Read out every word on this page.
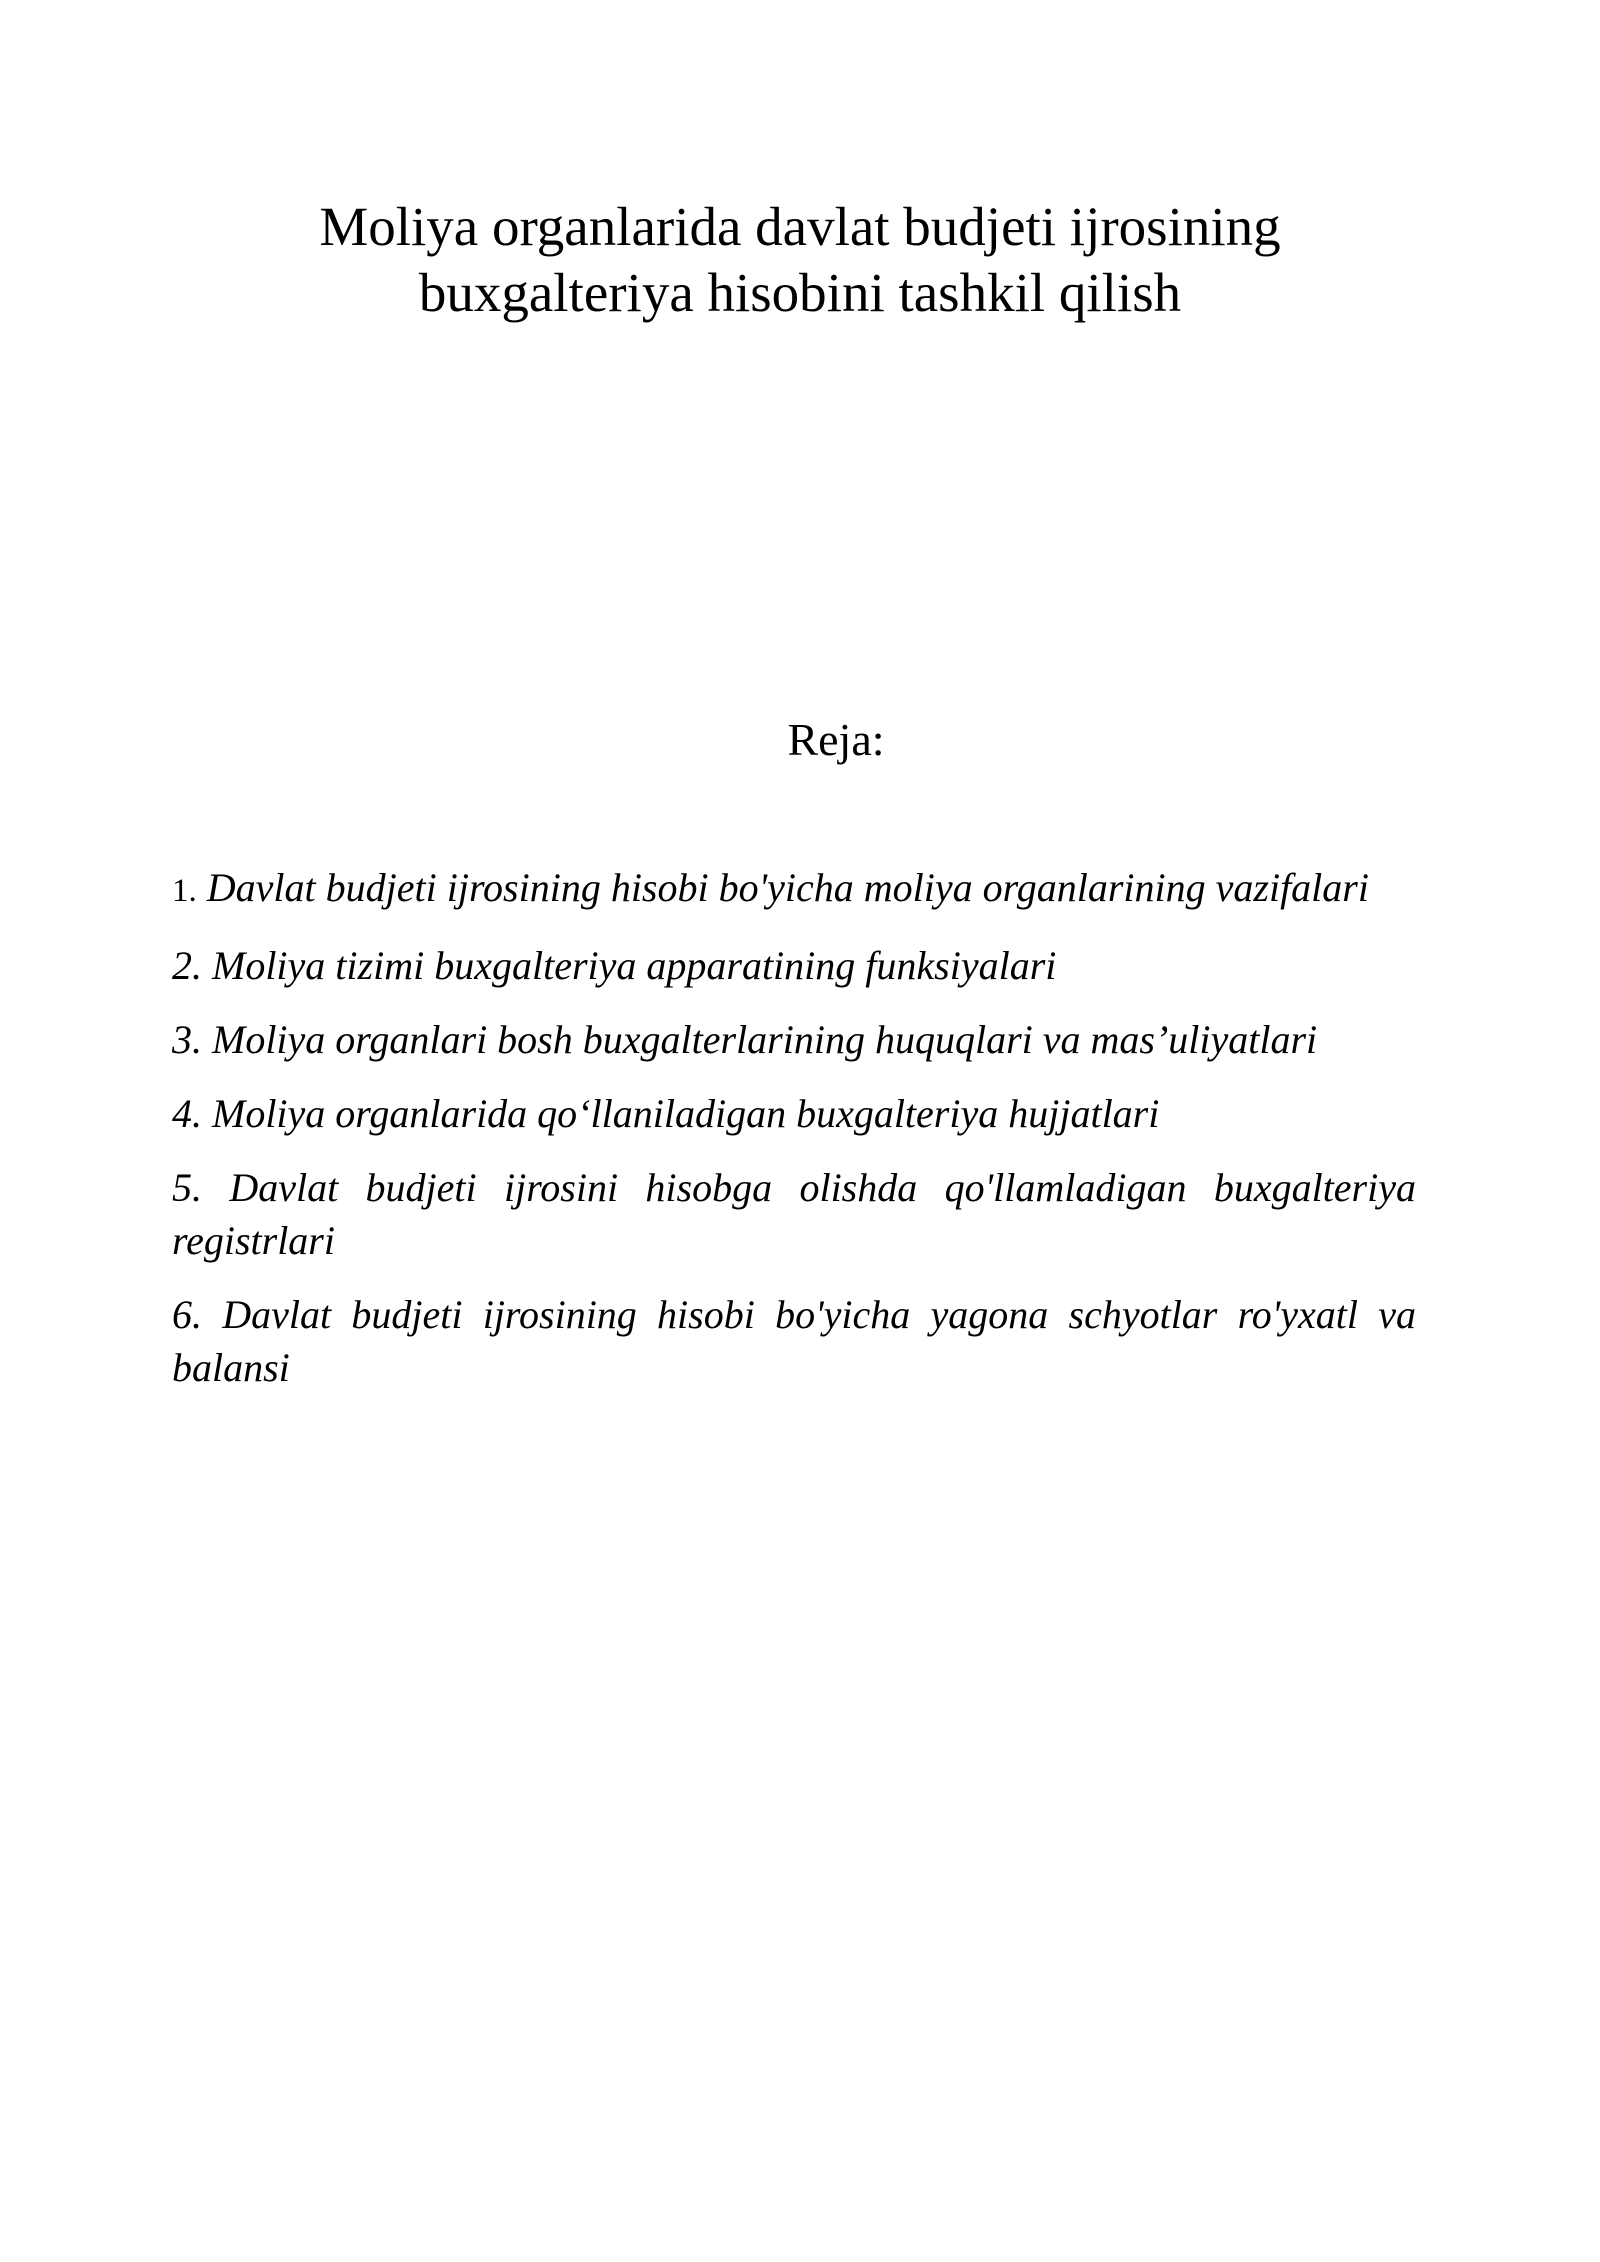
Moliya organlarida davlat budjeti ijrosining
buxgalteriya hisobini tashkil qilish
Reja:
1. Davlat budjeti ijrosining hisobi bo'yicha moliya organlarining vazifalari
2. Moliya tizimi buxgalteriya apparatining funksiyalari
3. Moliya organlari bosh buxgalterlarining huquqlari va mas’uliyatlari
4. Moliya organlarida qo‘llaniladigan buxgalteriya hujjatlari
5. Davlat budjeti ijrosini hisobga olishda qo'llamladigan buxgalteriya registrlari
6. Davlat budjeti ijrosining hisobi bo'yicha yagona schyotlar ro'yxatl va balansi
